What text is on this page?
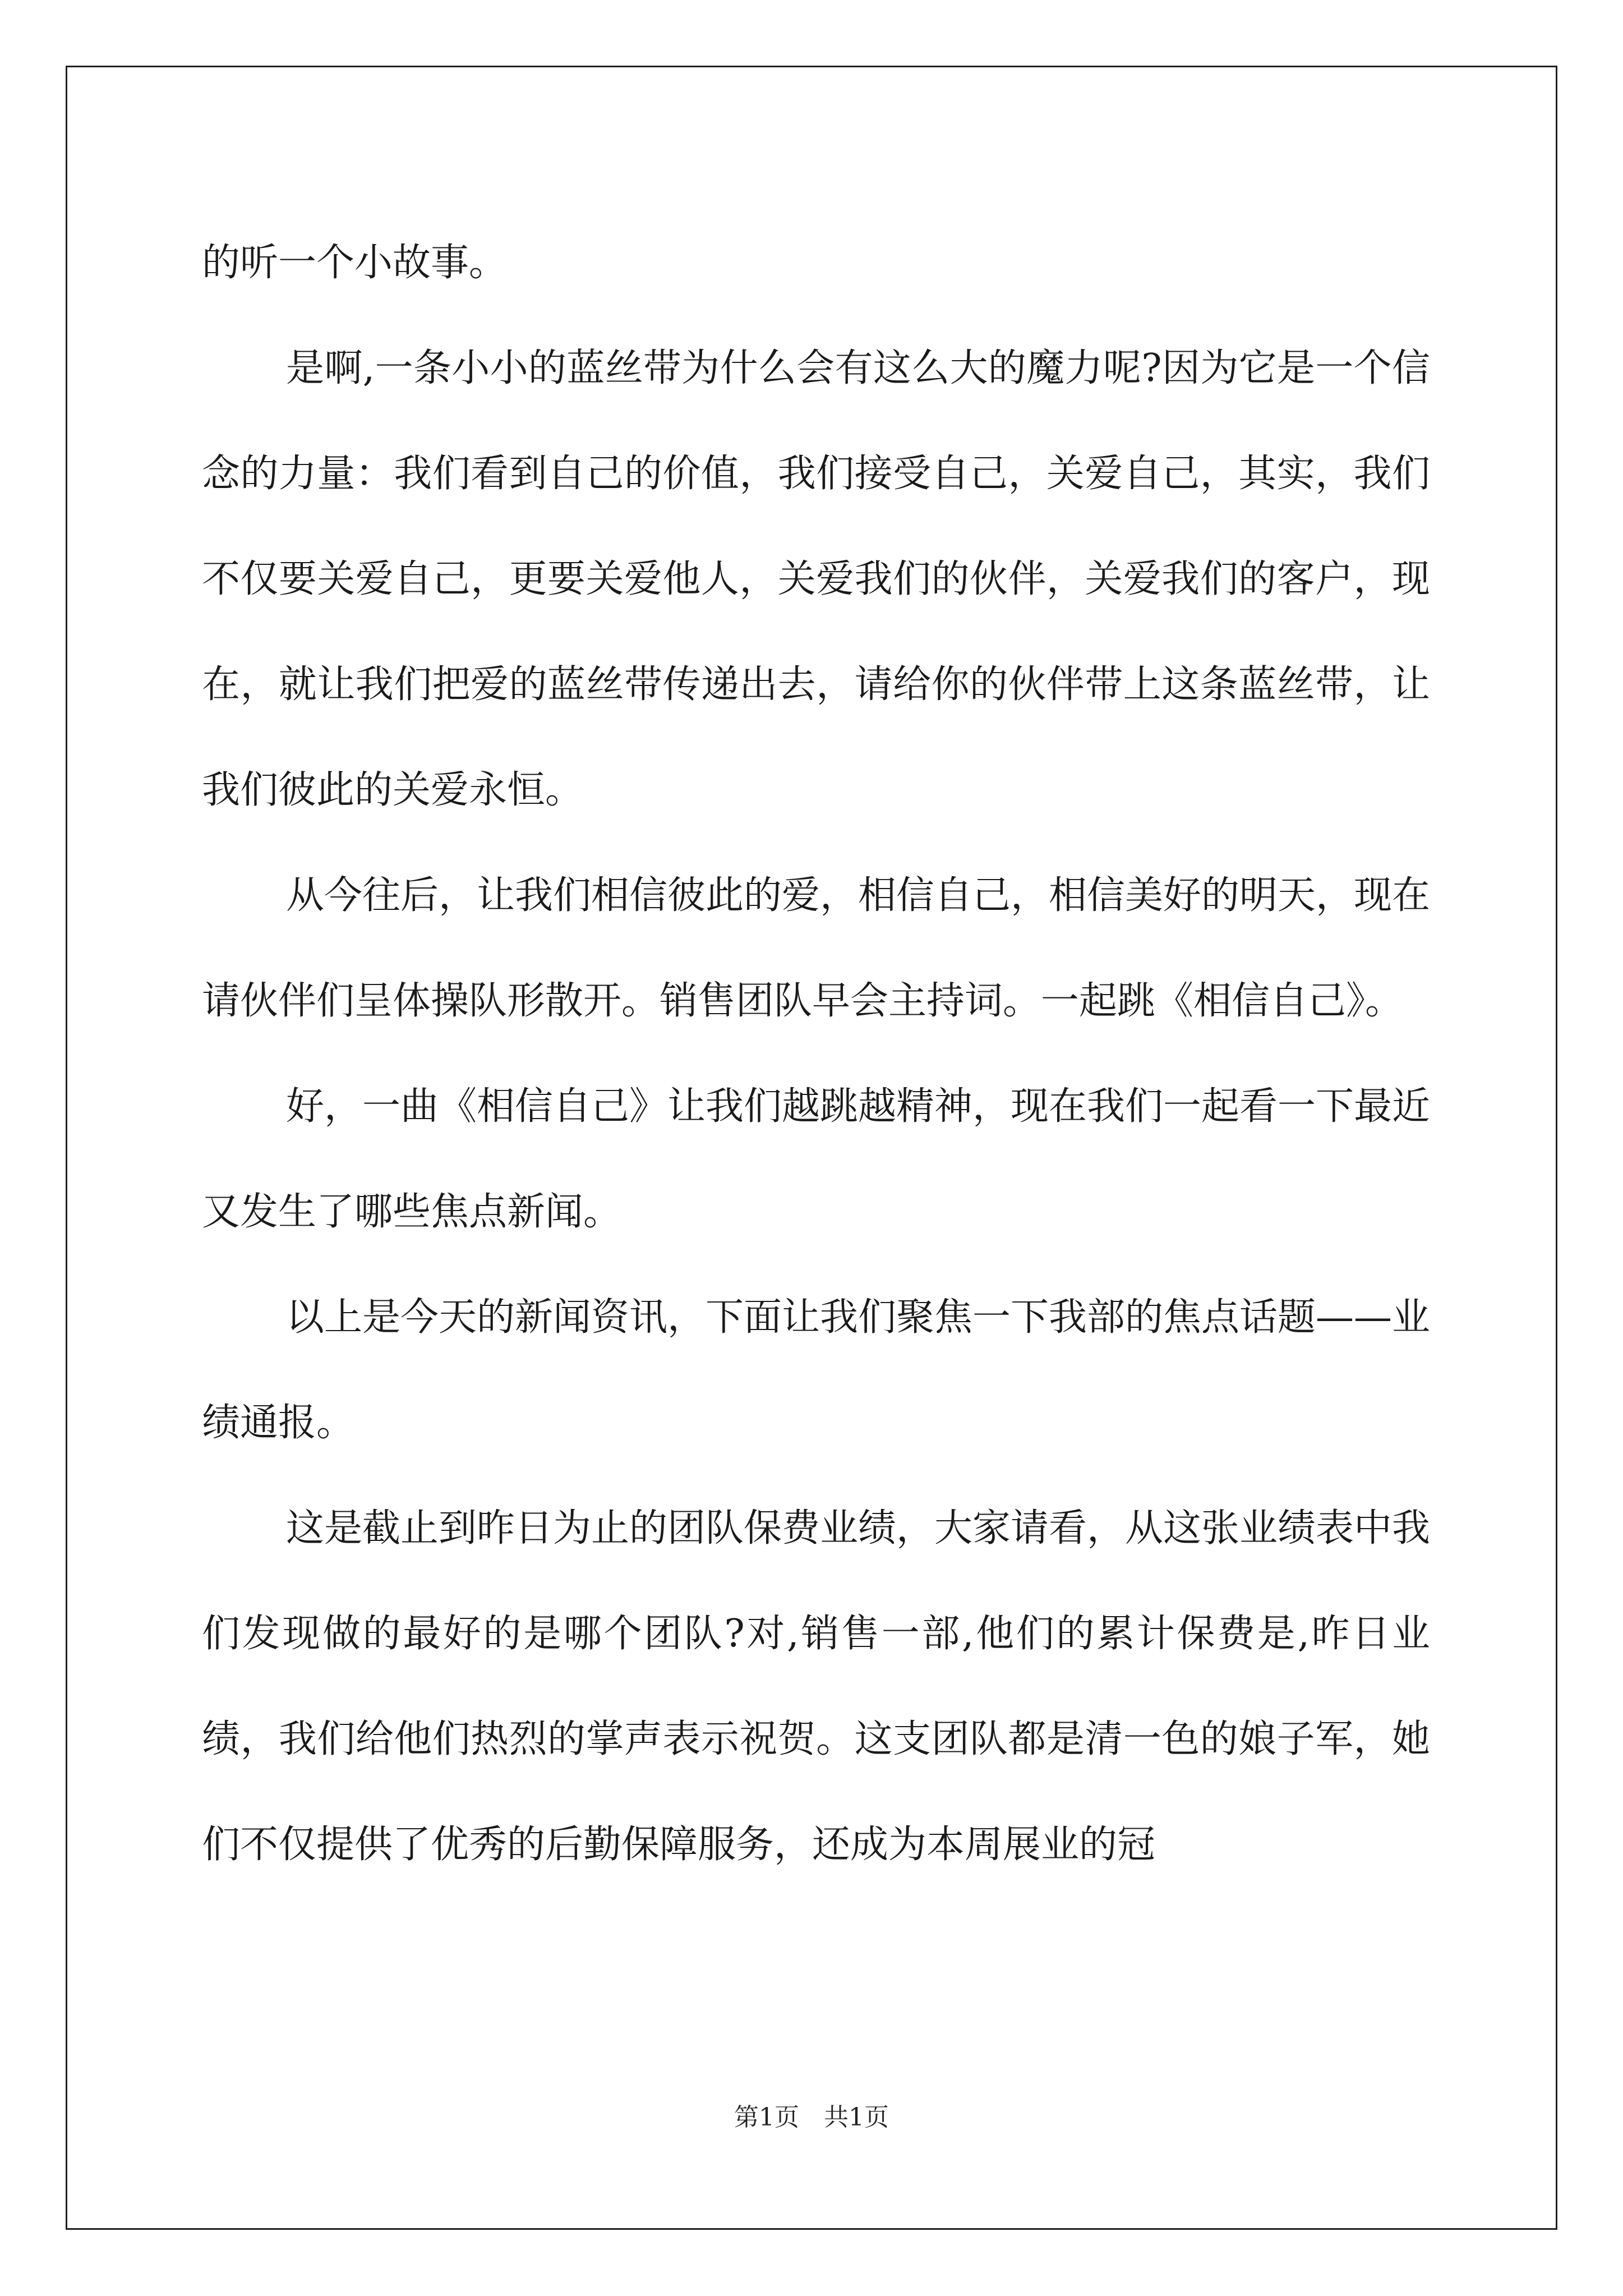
的听一个小故事。

是啊,一条小小的蓝丝带为什么会有这么大的魔力呢?因为它是一个信念的力量：我们看到自己的价值，我们接受自己，关爱自己，其实，我们不仅要关爱自己，更要关爱他人，关爱我们的伙伴，关爱我们的客户，现在，就让我们把爱的蓝丝带传递出去，请给你的伙伴带上这条蓝丝带，让我们彼此的关爱永恒。

从今往后，让我们相信彼此的爱，相信自己，相信美好的明天，现在请伙伴们呈体操队形散开。销售团队早会主持词。一起跳《相信自己》。

好，一曲《相信自己》让我们越跳越精神，现在我们一起看一下最近又发生了哪些焦点新闻。

以上是今天的新闻资讯，下面让我们聚焦一下我部的焦点话题——业绩通报。

这是截止到昨日为止的团队保费业绩，大家请看，从这张业绩表中我们发现做的最好的是哪个团队?对,销售一部,他们的累计保费是,昨日业绩，我们给他们热烈的掌声表示祝贺。这支团队都是清一色的娘子军，她们不仅提供了优秀的后勤保障服务，还成为本周展业的冠

第1页　共1页
